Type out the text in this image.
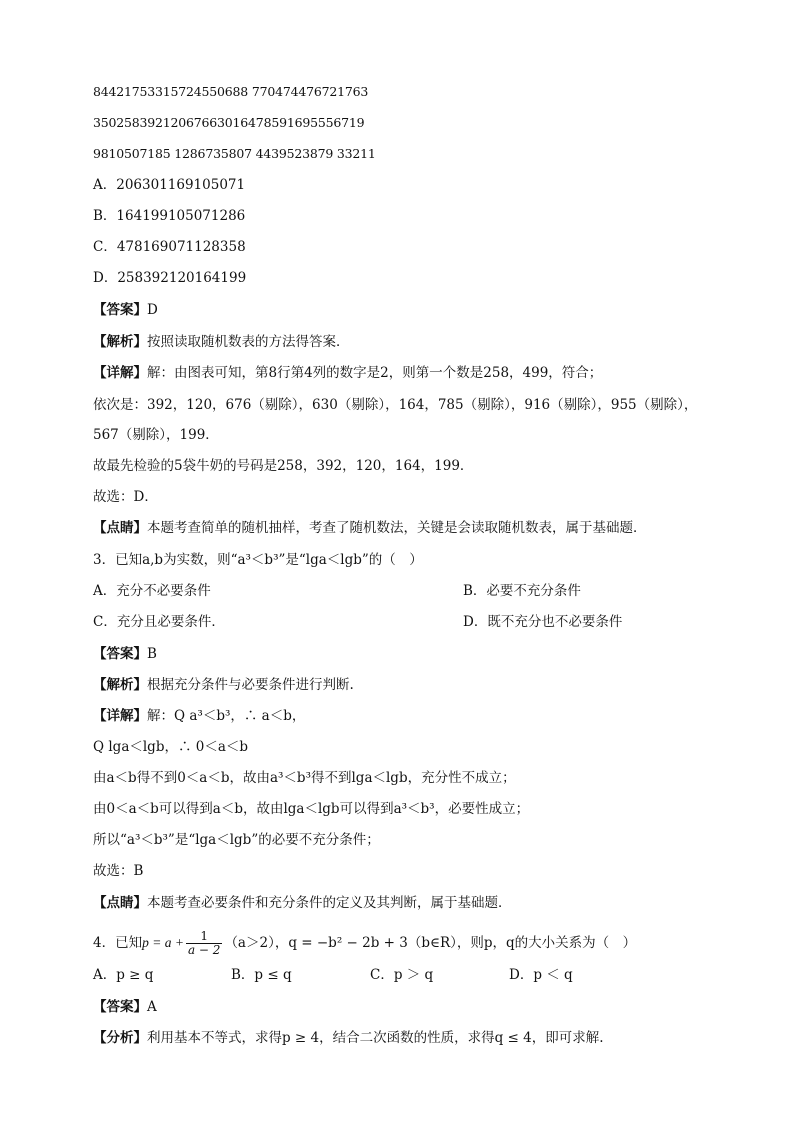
84421753315724550688 770474476721763
35025839212067663016478591695556719
9810507185 1286735807 4439523879 33211
A．206301169105071
B．164199105071286
C．478169071128358
D．258392120164199
【答案】D
【解析】按照读取随机数表的方法得答案．
【详解】解：由图表可知，第8行第4列的数字是2，则第一个数是258，499，符合；
依次是：392，120，676（剔除），630（剔除），164，785（剔除），916（剔除），955（剔除），
567（剔除），199．
故最先检验的5袋牛奶的号码是258，392，120，164，199．
故选：D．
【点睛】本题考查简单的随机抽样，考查了随机数法，关键是会读取随机数表，属于基础题．
3．已知a,b为实数，则“a³＜b³”是“lga＜lgb”的（　）
A．充分不必要条件	B．必要不充分条件
C．充分且必要条件．	D．既不充分也不必要条件
【答案】B
【解析】根据充分条件与必要条件进行判断.
【详解】解：Q a³＜b³，∴ a＜b，
Q lga＜lgb，∴ 0＜a＜b
由a＜b得不到0＜a＜b，故由a³＜b³得不到lga＜lgb，充分性不成立；
由0＜a＜b可以得到a＜b，故由lga＜lgb可以得到a³＜b³，必要性成立；
所以“a³＜b³”是“lga＜lgb”的必要不充分条件；
故选：B
【点睛】本题考查必要条件和充分条件的定义及其判断，属于基础题．
4．已知$p = a + \frac{1}{a - 2} (a>2)$，q = −b² − 2b + 3（b∈R），则p，q的大小关系为（　）
A．p ≥ q	B．p ≤ q	C．p ＞ q	D．p ＜ q
【答案】A
【分析】利用基本不等式，求得p ≥ 4，结合二次函数的性质，求得q ≤ 4，即可求解.
